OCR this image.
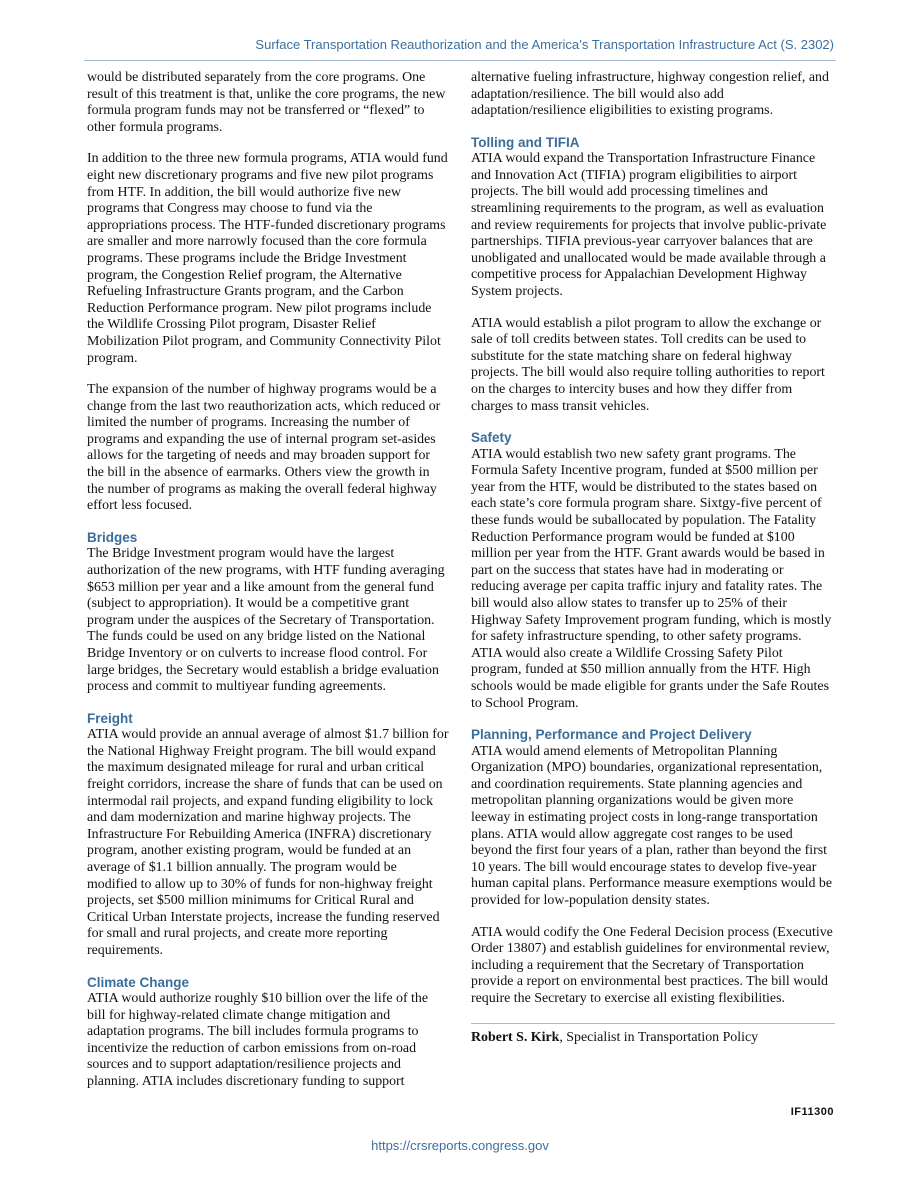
Surface Transportation Reauthorization and the America’s Transportation Infrastructure Act (S. 2302)

would be distributed separately from the core programs. One result of this treatment is that, unlike the core programs, the new formula program funds may not be transferred or “flexed” to other formula programs.

In addition to the three new formula programs, ATIA would fund eight new discretionary programs and five new pilot programs from HTF. In addition, the bill would authorize five new programs that Congress may choose to fund via the appropriations process. The HTF-funded discretionary programs are smaller and more narrowly focused than the core formula programs. These programs include the Bridge Investment program, the Congestion Relief program, the Alternative Refueling Infrastructure Grants program, and the Carbon Reduction Performance program. New pilot programs include the Wildlife Crossing Pilot program, Disaster Relief Mobilization Pilot program, and Community Connectivity Pilot program.

The expansion of the number of highway programs would be a change from the last two reauthorization acts, which reduced or limited the number of programs. Increasing the number of programs and expanding the use of internal program set-asides allows for the targeting of needs and may broaden support for the bill in the absence of earmarks. Others view the growth in the number of programs as making the overall federal highway effort less focused.

Bridges

The Bridge Investment program would have the largest authorization of the new programs, with HTF funding averaging $653 million per year and a like amount from the general fund (subject to appropriation). It would be a competitive grant program under the auspices of the Secretary of Transportation. The funds could be used on any bridge listed on the National Bridge Inventory or on culverts to increase flood control. For large bridges, the Secretary would establish a bridge evaluation process and commit to multiyear funding agreements.

Freight

ATIA would provide an annual average of almost $1.7 billion for the National Highway Freight program. The bill would expand the maximum designated mileage for rural and urban critical freight corridors, increase the share of funds that can be used on intermodal rail projects, and expand funding eligibility to lock and dam modernization and marine highway projects. The Infrastructure For Rebuilding America (INFRA) discretionary program, another existing program, would be funded at an average of $1.1 billion annually. The program would be modified to allow up to 30% of funds for non-highway freight projects, set $500 million minimums for Critical Rural and Critical Urban Interstate projects, increase the funding reserved for small and rural projects, and create more reporting requirements.

Climate Change

ATIA would authorize roughly $10 billion over the life of the bill for highway-related climate change mitigation and adaptation programs. The bill includes formula programs to incentivize the reduction of carbon emissions from on-road sources and to support adaptation/resilience projects and planning. ATIA includes discretionary funding to support

alternative fueling infrastructure, highway congestion relief, and adaptation/resilience. The bill would also add adaptation/resilience eligibilities to existing programs.

Tolling and TIFIA

ATIA would expand the Transportation Infrastructure Finance and Innovation Act (TIFIA) program eligibilities to airport projects. The bill would add processing timelines and streamlining requirements to the program, as well as evaluation and review requirements for projects that involve public-private partnerships. TIFIA previous-year carryover balances that are unobligated and unallocated would be made available through a competitive process for Appalachian Development Highway System projects.

ATIA would establish a pilot program to allow the exchange or sale of toll credits between states. Toll credits can be used to substitute for the state matching share on federal highway projects. The bill would also require tolling authorities to report on the charges to intercity buses and how they differ from charges to mass transit vehicles.

Safety

ATIA would establish two new safety grant programs. The Formula Safety Incentive program, funded at $500 million per year from the HTF, would be distributed to the states based on each state’s core formula program share. Sixtgy-five percent of these funds would be suballocated by population. The Fatality Reduction Performance program would be funded at $100 million per year from the HTF. Grant awards would be based in part on the success that states have had in moderating or reducing average per capita traffic injury and fatality rates. The bill would also allow states to transfer up to 25% of their Highway Safety Improvement program funding, which is mostly for safety infrastructure spending, to other safety programs. ATIA would also create a Wildlife Crossing Safety Pilot program, funded at $50 million annually from the HTF. High schools would be made eligible for grants under the Safe Routes to School Program.

Planning, Performance and Project Delivery

ATIA would amend elements of Metropolitan Planning Organization (MPO) boundaries, organizational representation, and coordination requirements. State planning agencies and metropolitan planning organizations would be given more leeway in estimating project costs in long-range transportation plans. ATIA would allow aggregate cost ranges to be used beyond the first four years of a plan, rather than beyond the first 10 years. The bill would encourage states to develop five-year human capital plans. Performance measure exemptions would be provided for low-population density states.

ATIA would codify the One Federal Decision process (Executive Order 13807) and establish guidelines for environmental review, including a requirement that the Secretary of Transportation provide a report on environmental best practices. The bill would require the Secretary to exercise all existing flexibilities.

Robert S. Kirk, Specialist in Transportation Policy

IF11300
https://crsreports.congress.gov
